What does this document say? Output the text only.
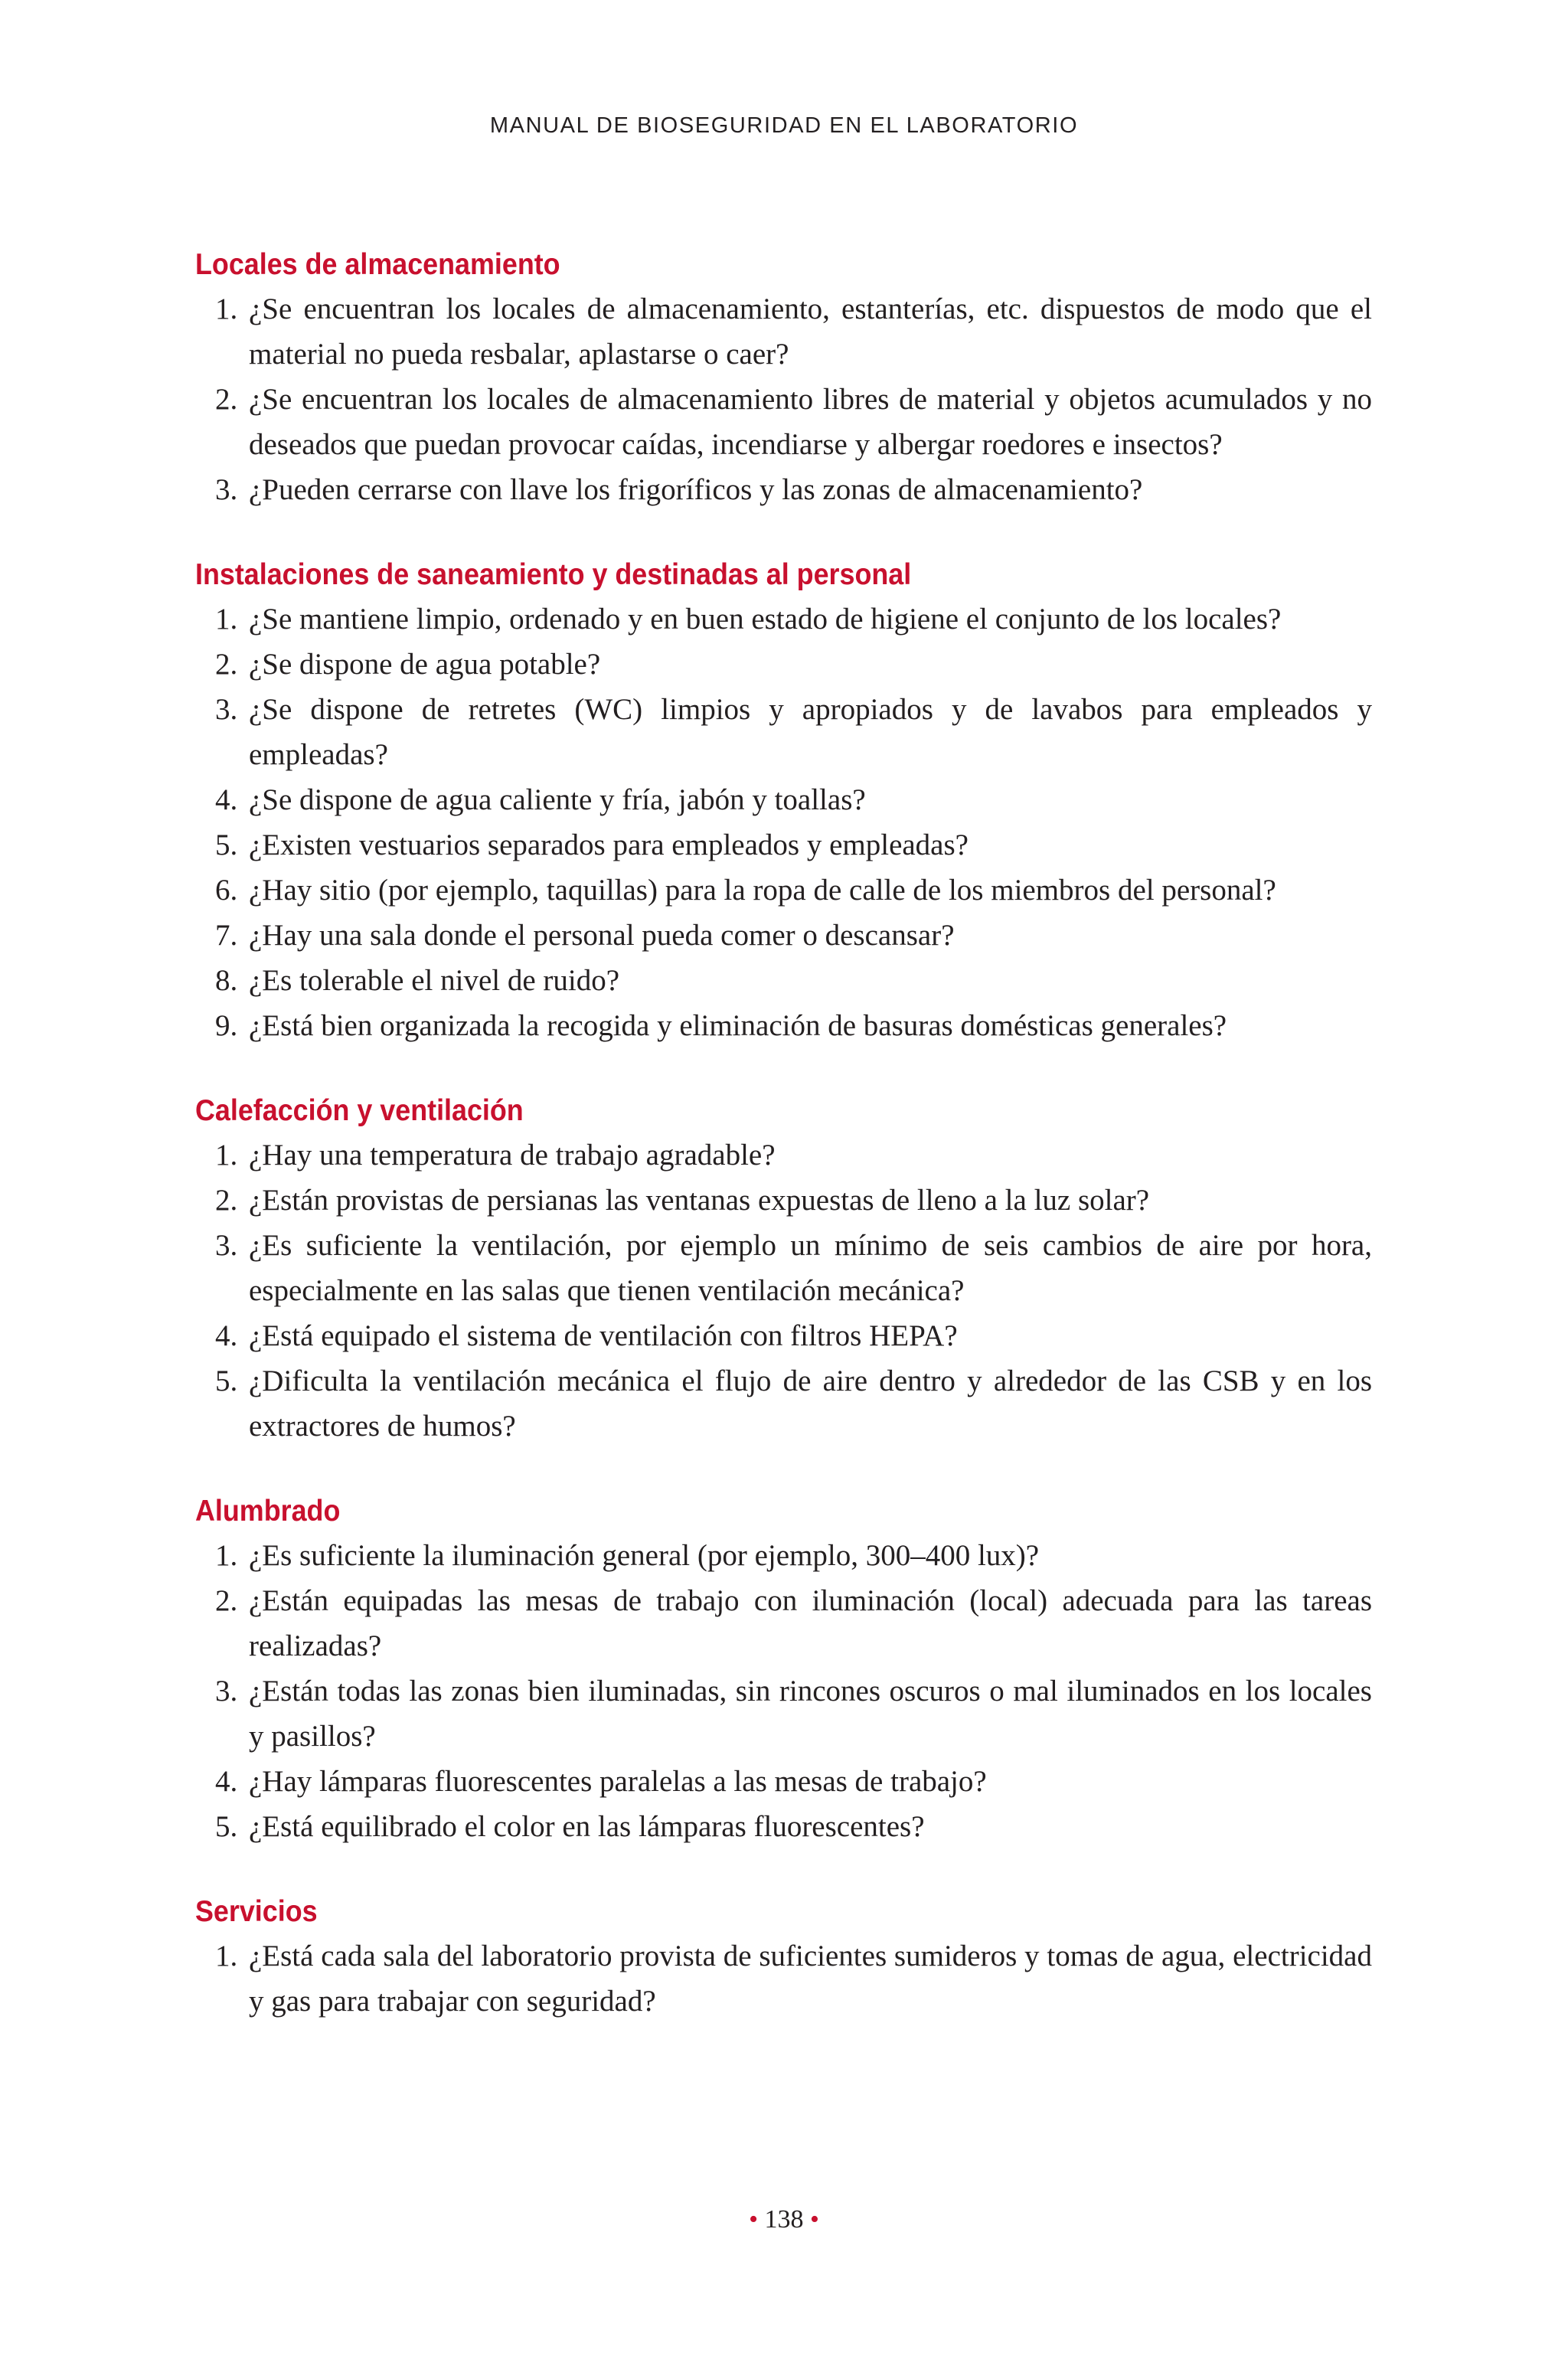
MANUAL DE BIOSEGURIDAD EN EL LABORATORIO
Locales de almacenamiento
1. ¿Se encuentran los locales de almacenamiento, estanterías, etc. dispuestos de modo que el material no pueda resbalar, aplastarse o caer?
2. ¿Se encuentran los locales de almacenamiento libres de material y objetos acumulados y no deseados que puedan provocar caídas, incendiarse y albergar roedores e insectos?
3. ¿Pueden cerrarse con llave los frigoríficos y las zonas de almacenamiento?
Instalaciones de saneamiento y destinadas al personal
1. ¿Se mantiene limpio, ordenado y en buen estado de higiene el conjunto de los locales?
2. ¿Se dispone de agua potable?
3. ¿Se dispone de retretes (WC) limpios y apropiados y de lavabos para empleados y empleadas?
4. ¿Se dispone de agua caliente y fría, jabón y toallas?
5. ¿Existen vestuarios separados para empleados y empleadas?
6. ¿Hay sitio (por ejemplo, taquillas) para la ropa de calle de los miembros del personal?
7. ¿Hay una sala donde el personal pueda comer o descansar?
8. ¿Es tolerable el nivel de ruido?
9. ¿Está bien organizada la recogida y eliminación de basuras domésticas generales?
Calefacción y ventilación
1. ¿Hay una temperatura de trabajo agradable?
2. ¿Están provistas de persianas las ventanas expuestas de lleno a la luz solar?
3. ¿Es suficiente la ventilación, por ejemplo un mínimo de seis cambios de aire por hora, especialmente en las salas que tienen ventilación mecánica?
4. ¿Está equipado el sistema de ventilación con filtros HEPA?
5. ¿Dificulta la ventilación mecánica el flujo de aire dentro y alrededor de las CSB y en los extractores de humos?
Alumbrado
1. ¿Es suficiente la iluminación general (por ejemplo, 300–400 lux)?
2. ¿Están equipadas las mesas de trabajo con iluminación (local) adecuada para las tareas realizadas?
3. ¿Están todas las zonas bien iluminadas, sin rincones oscuros o mal iluminados en los locales y pasillos?
4. ¿Hay lámparas fluorescentes paralelas a las mesas de trabajo?
5. ¿Está equilibrado el color en las lámparas fluorescentes?
Servicios
1. ¿Está cada sala del laboratorio provista de suficientes sumideros y tomas de agua, electricidad y gas para trabajar con seguridad?
• 138 •
